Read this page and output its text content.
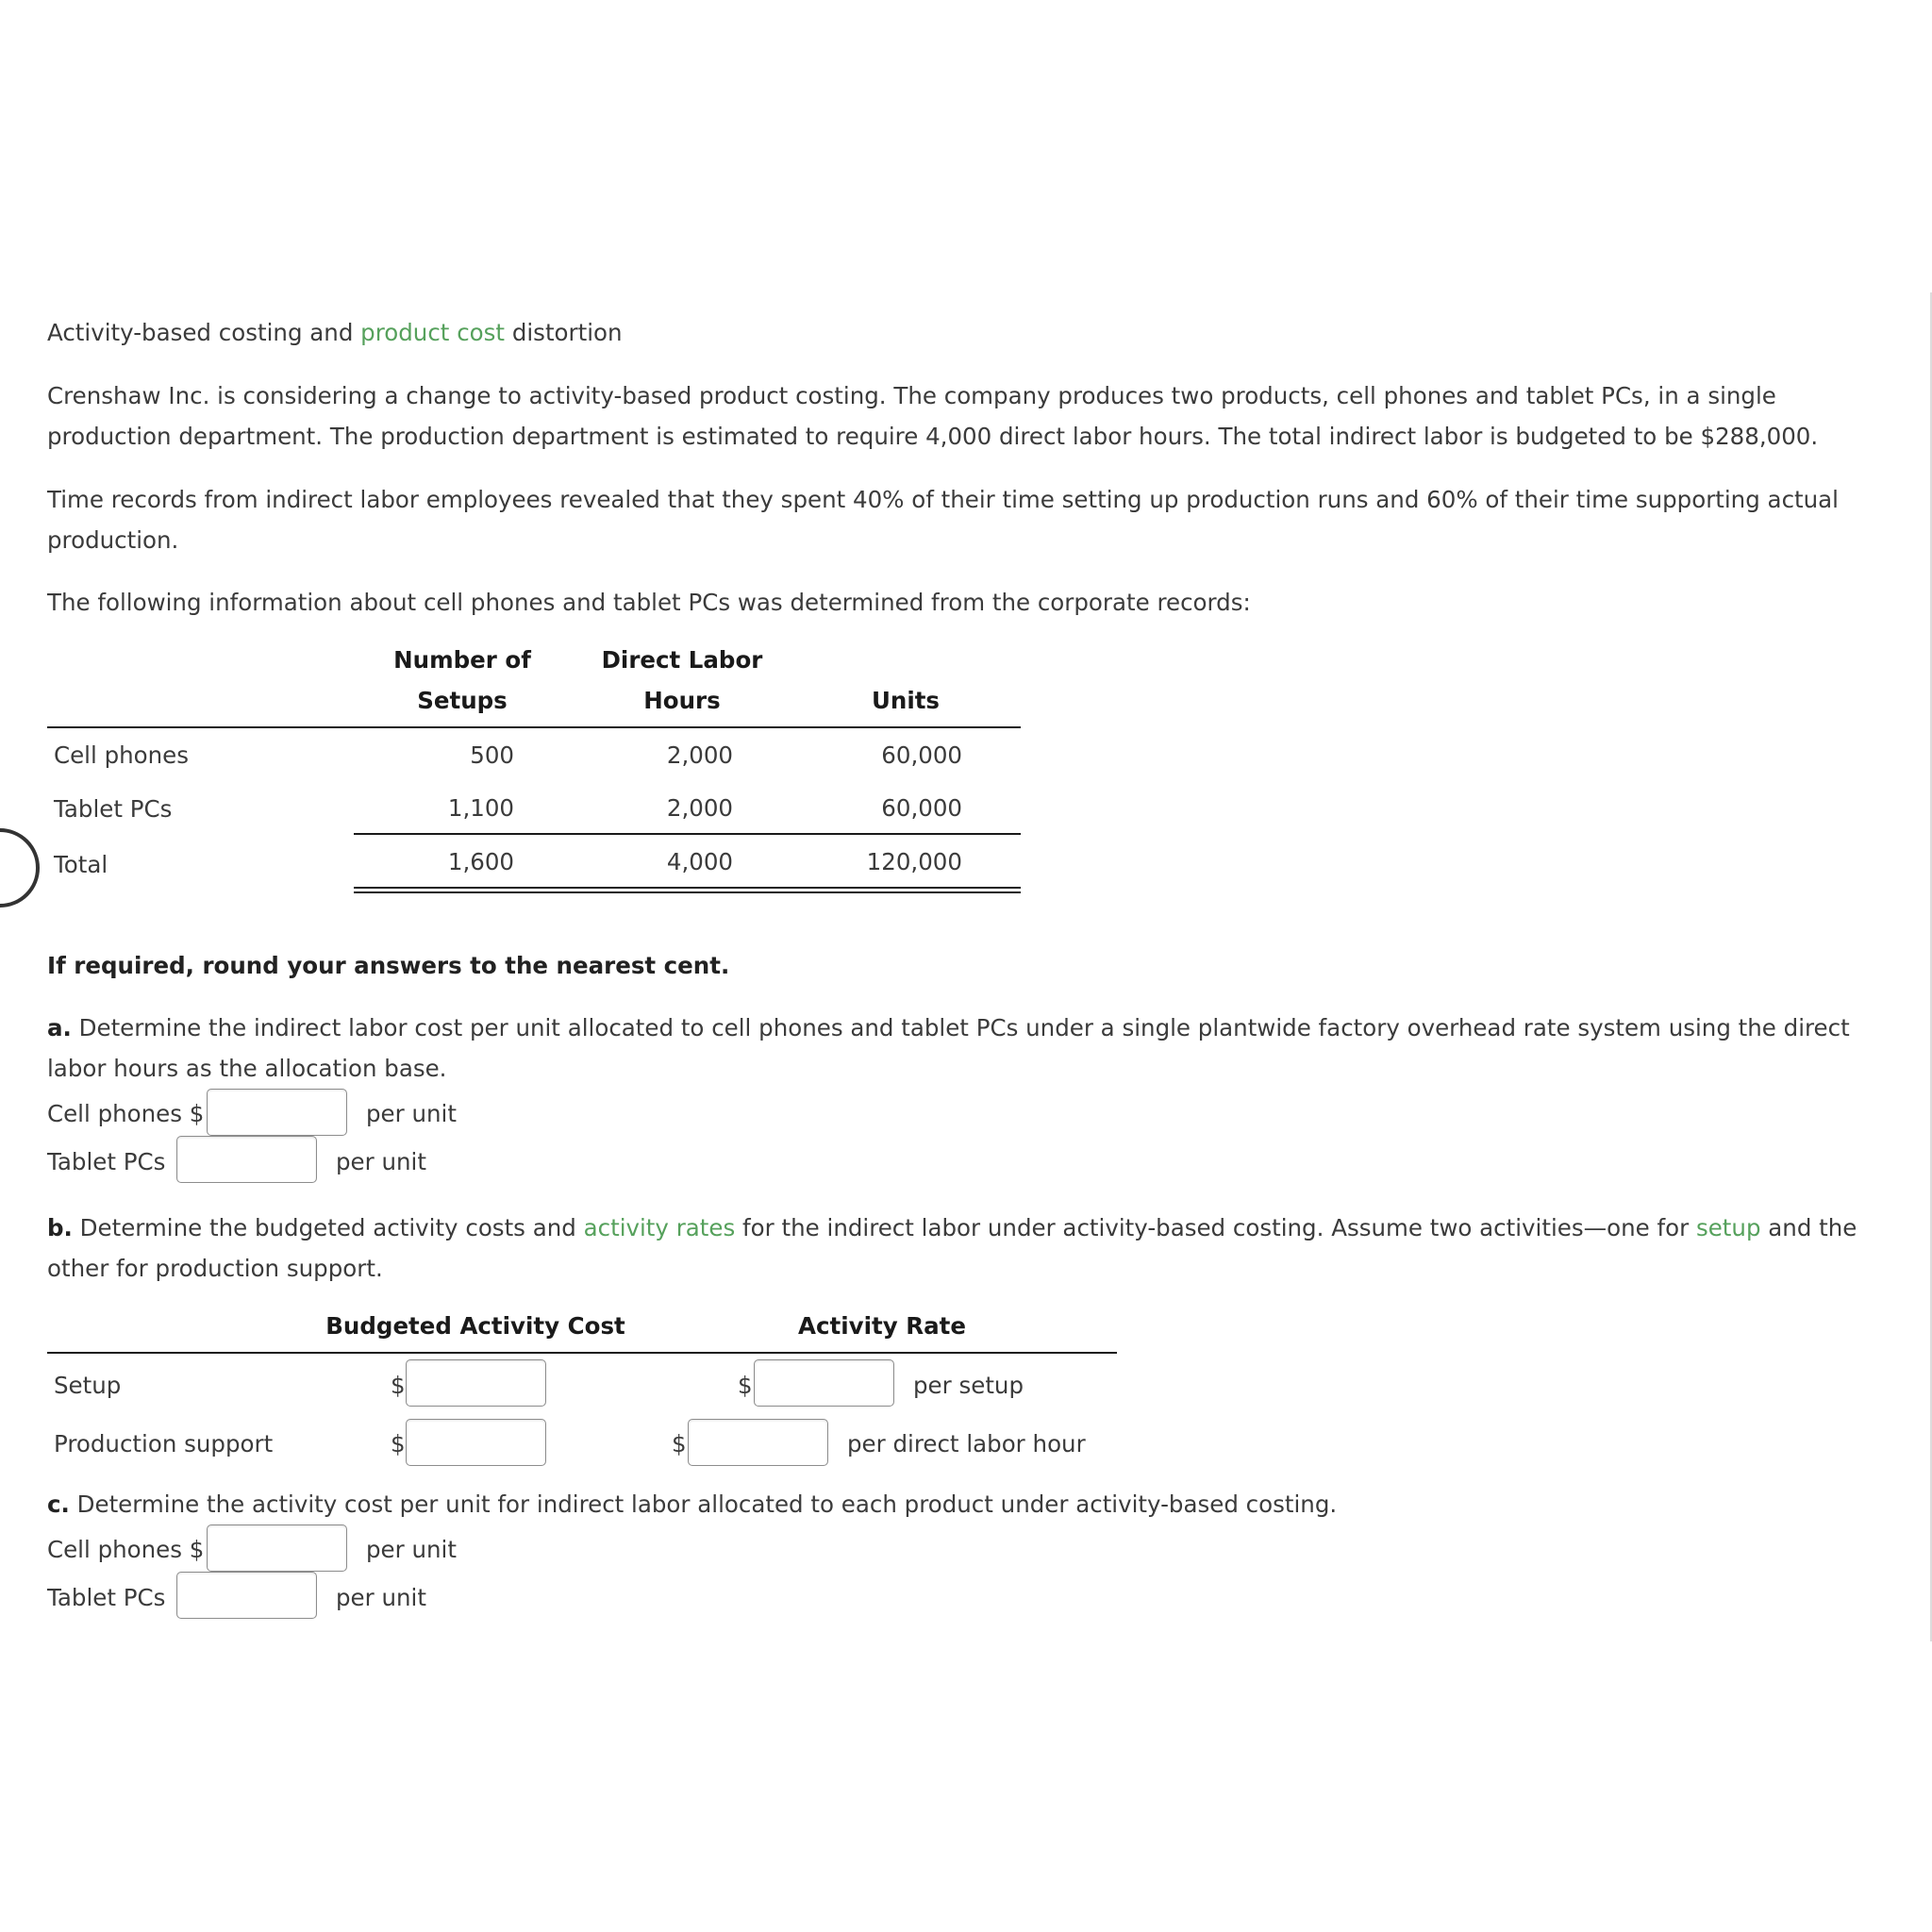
Activity-based costing and product cost distortion
Crenshaw Inc. is considering a change to activity-based product costing. The company produces two products, cell phones and tablet PCs, in a single production department. The production department is estimated to require 4,000 direct labor hours. The total indirect labor is budgeted to be $288,000.
Time records from indirect labor employees revealed that they spent 40% of their time setting up production runs and 60% of their time supporting actual production.
The following information about cell phones and tablet PCs was determined from the corporate records:
Number of
Setups
Direct Labor
Hours	Units
Cell phones	500	2,000	60,000
Tablet PCs	1,100	2,000	60,000
Total	1,600	4,000	120,000
If required, round your answers to the nearest cent.
a. Determine the indirect labor cost per unit allocated to cell phones and tablet PCs under a single plantwide factory overhead rate system using the direct labor hours as the allocation base.
Cell phones $	per unit
Tablet PCs	per unit
b. Determine the budgeted activity costs and activity rates for the indirect labor under activity-based costing. Assume two activities—one for setup and the other for production support.
Budgeted Activity Cost	Activity Rate
Setup	$	$	per setup
Production support	$	$	per direct labor hour
c. Determine the activity cost per unit for indirect labor allocated to each product under activity-based costing.
Cell phones $	per unit
Tablet PCs	per unit
